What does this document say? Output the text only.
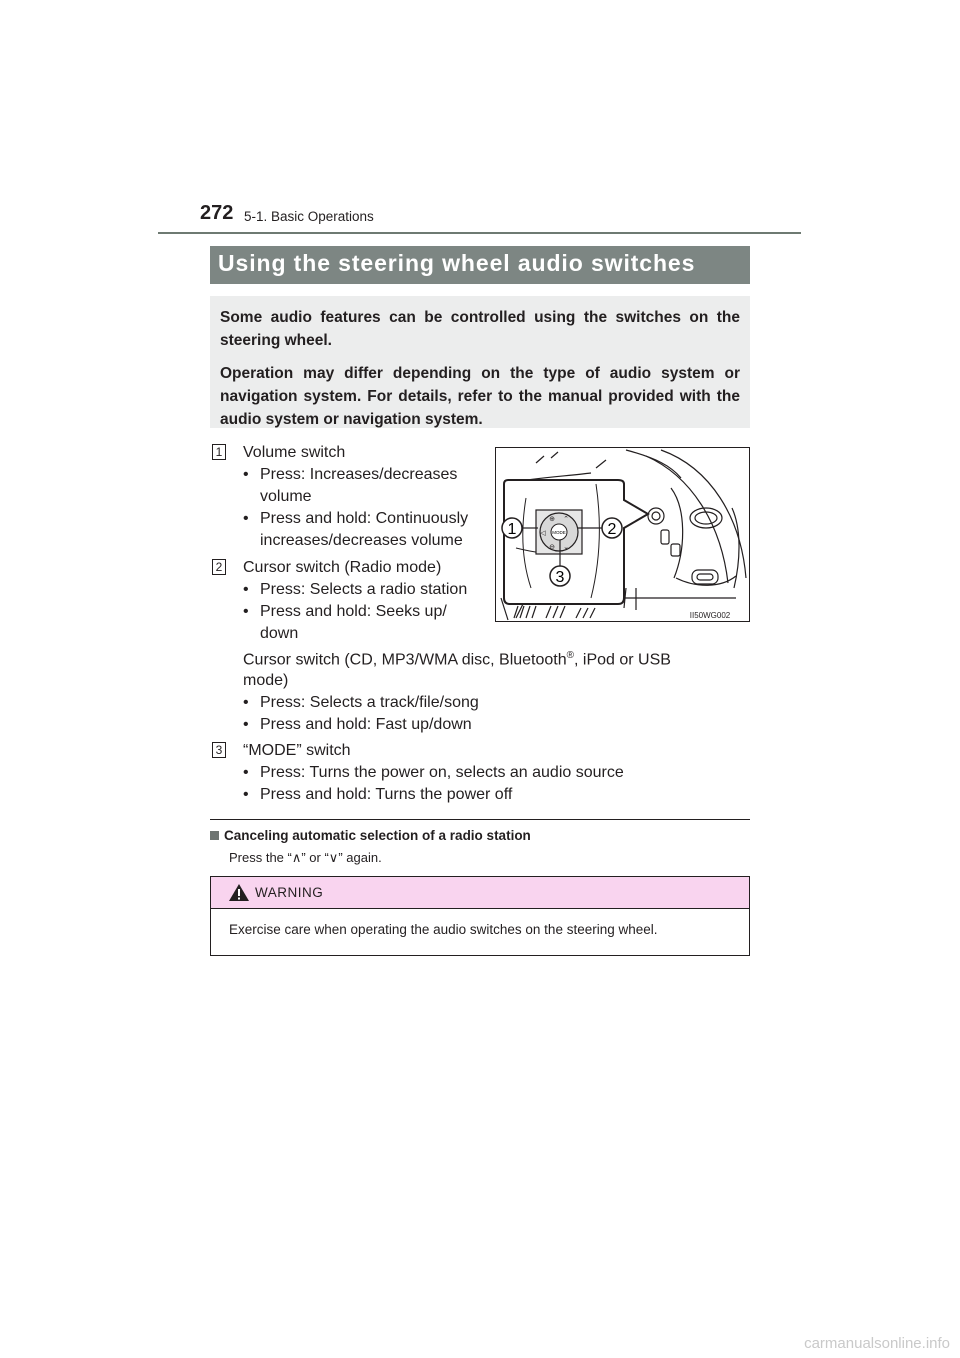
272 5-1. Basic Operations
Using the steering wheel audio switches

Some audio features can be controlled using the switches on the steering wheel.

Operation may differ depending on the type of audio system or navigation system. For details, refer to the manual provided with the audio system or navigation system.

1 Volume switch
• Press: Increases/decreases
volume
• Press and hold: Continuously
increases/decreases volume
2 Cursor switch (Radio mode)
• Press: Selects a radio station
• Press and hold: Seeks up/
down
Cursor switch (CD, MP3/WMA disc, Bluetooth®, iPod or USB
mode)
• Press: Selects a track/file/song
• Press and hold: Fast up/down
3 “MODE” switch
• Press: Turns the power on, selects an audio source
• Press and hold: Turns the power off
MODE
⊕ ⌃
⊖ ⌄
◁
1	2
3
II50WG002
Canceling automatic selection of a radio station
Press the “∧” or “∨” again.
WARNING
Exercise care when operating the audio switches on the steering wheel.
carmanualsonline.info
